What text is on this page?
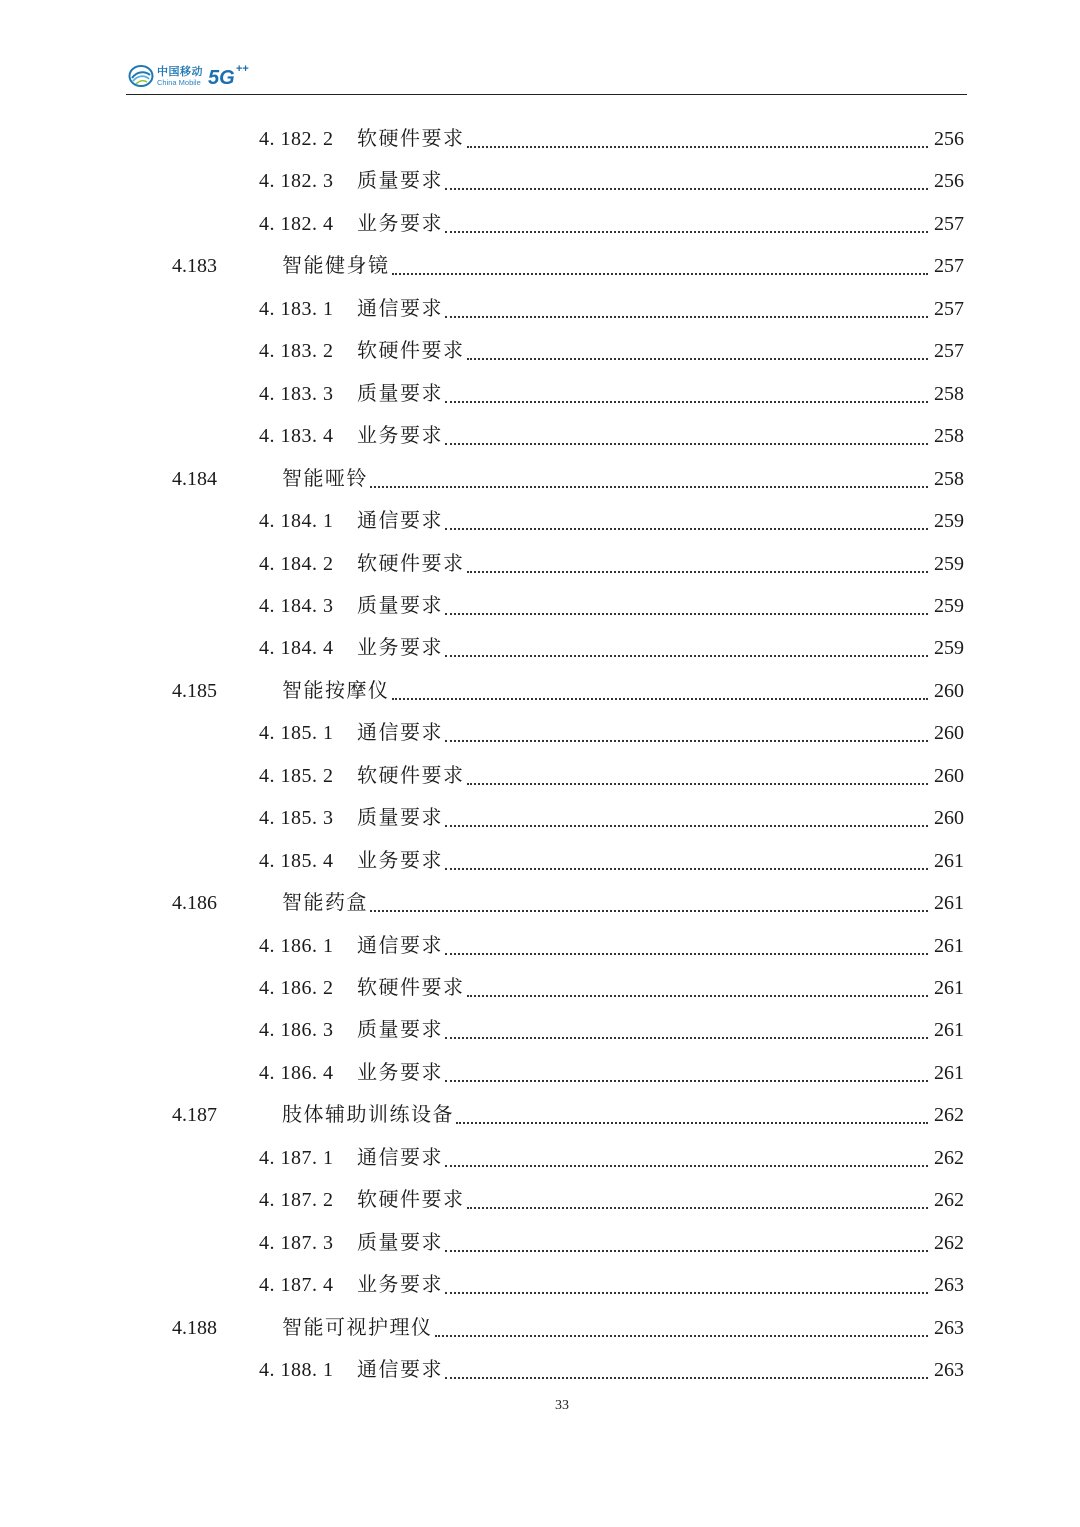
中国移动
China Mobile 5G++
4. 182. 2	软硬件要求	256
4. 182. 3	质量要求	256
4. 182. 4	业务要求	257
4.183	智能健身镜	257
4. 183. 1	通信要求	257
4. 183. 2	软硬件要求	257
4. 183. 3	质量要求	258
4. 183. 4	业务要求	258
4.184	智能哑铃	258
4. 184. 1	通信要求	259
4. 184. 2	软硬件要求	259
4. 184. 3	质量要求	259
4. 184. 4	业务要求	259
4.185	智能按摩仪	260
4. 185. 1	通信要求	260
4. 185. 2	软硬件要求	260
4. 185. 3	质量要求	260
4. 185. 4	业务要求	261
4.186	智能药盒	261
4. 186. 1	通信要求	261
4. 186. 2	软硬件要求	261
4. 186. 3	质量要求	261
4. 186. 4	业务要求	261
4.187	肢体辅助训练设备	262
4. 187. 1	通信要求	262
4. 187. 2	软硬件要求	262
4. 187. 3	质量要求	262
4. 187. 4	业务要求	263
4.188	智能可视护理仪	263
4. 188. 1	通信要求	263
33
